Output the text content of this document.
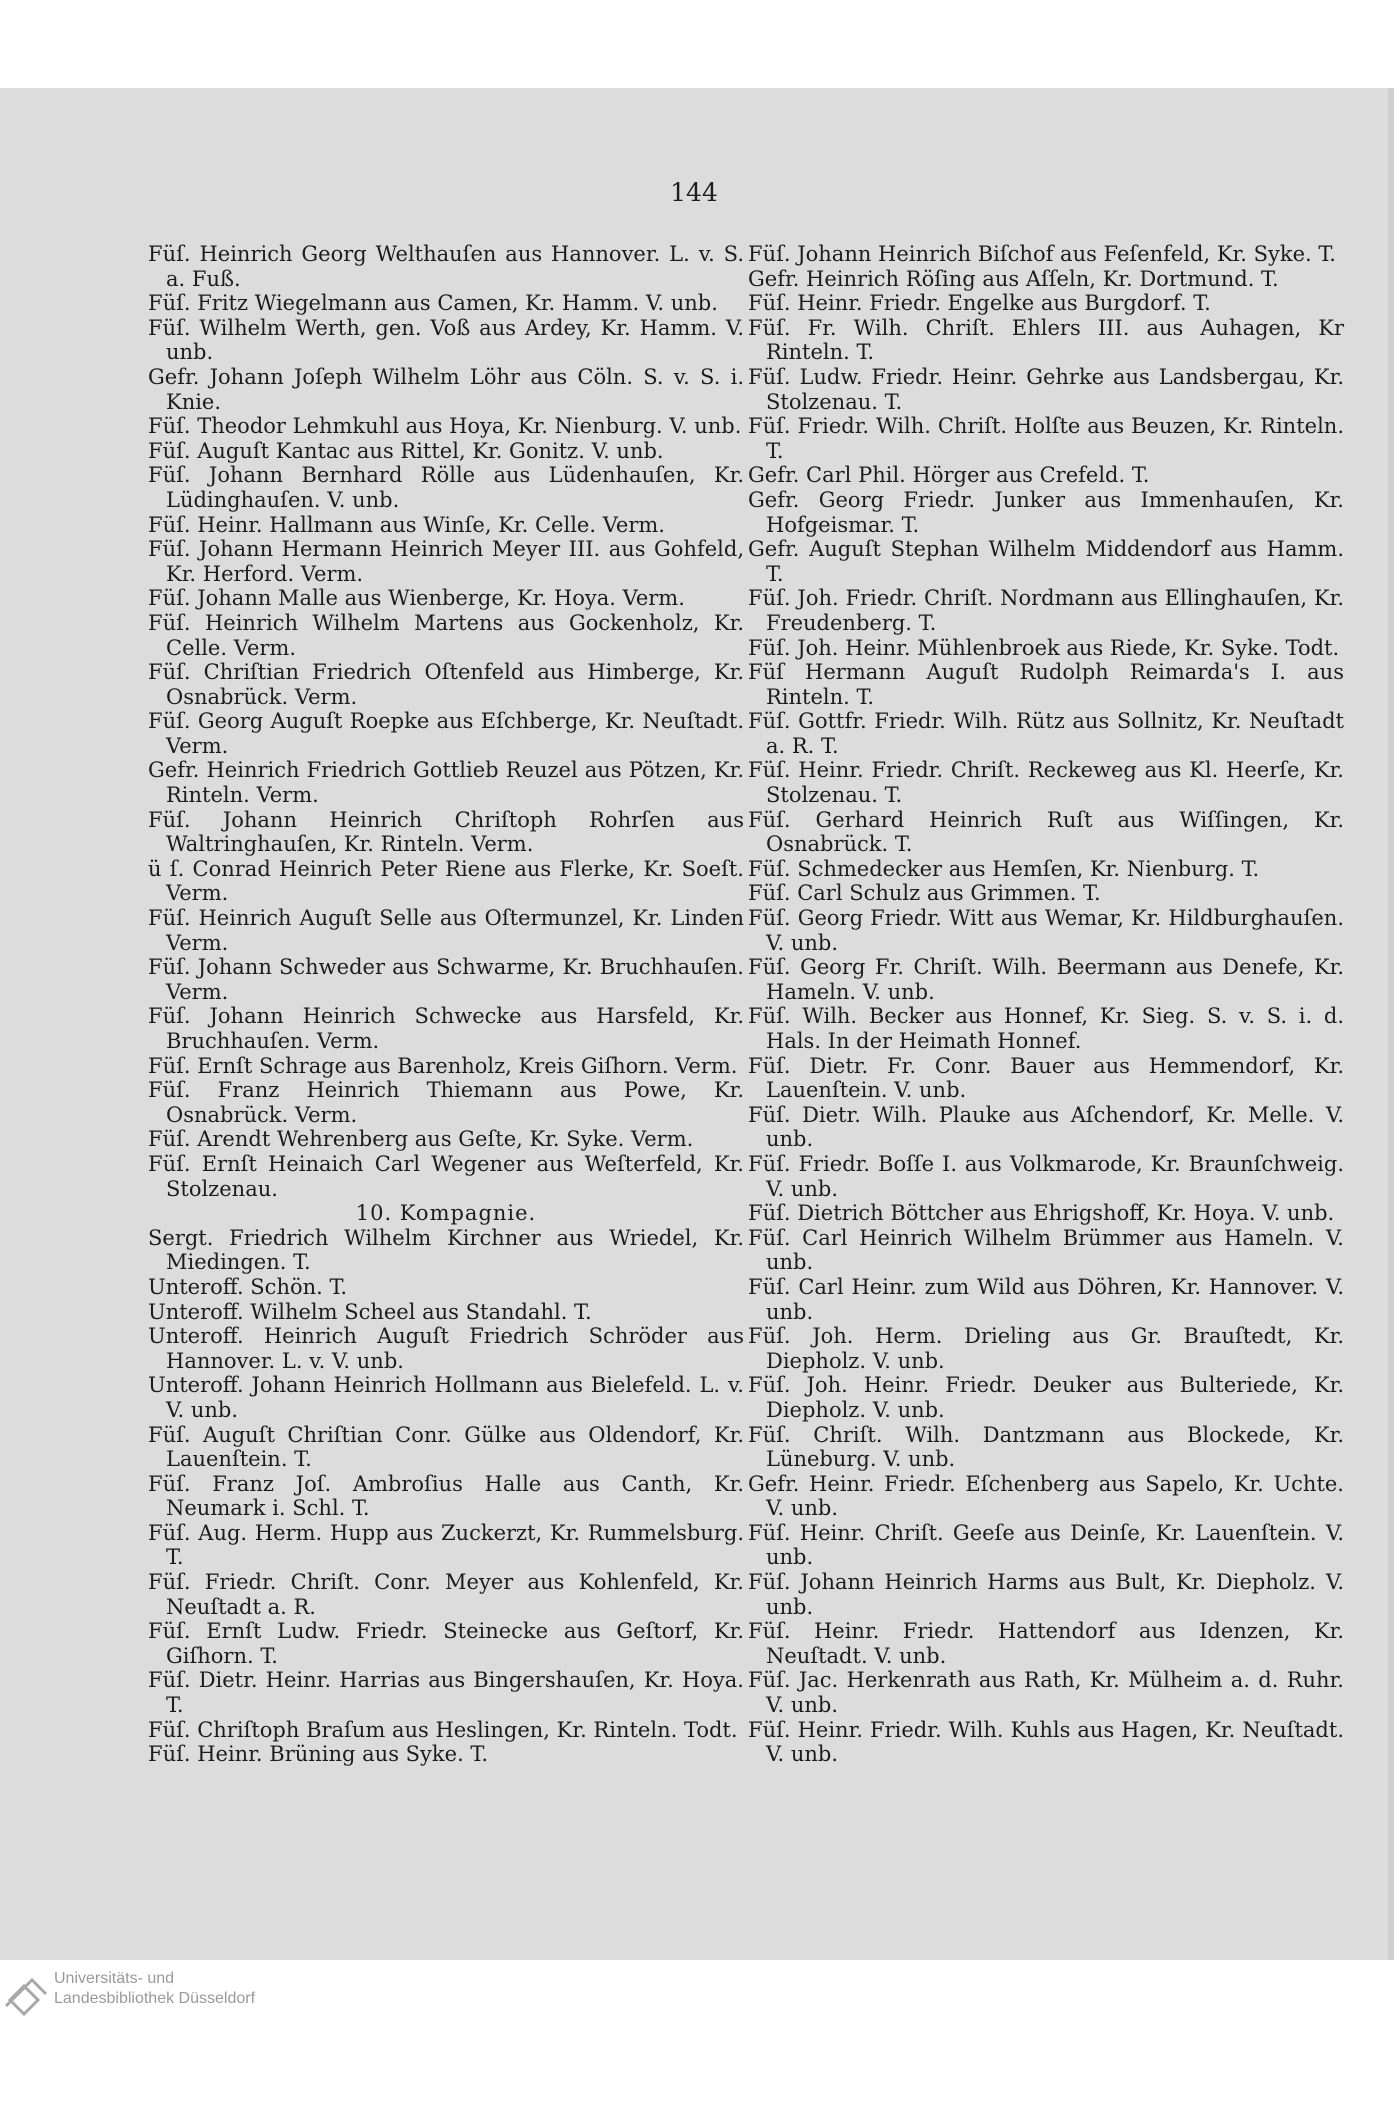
144
Füſ. Heinrich Georg Welthauſen aus Hannover. L. v. S. a. Fuß.
Füſ. Fritz Wiegelmann aus Camen, Kr. Hamm. V. unb.
Füſ. Wilhelm Werth, gen. Voß aus Ardey, Kr. Hamm. V. unb.
Gefr. Johann Joſeph Wilhelm Löhr aus Cöln. S. v. S. i. Knie.
Füſ. Theodor Lehmkuhl aus Hoya, Kr. Nienburg. V. unb.
Füſ. Auguſt Kantac aus Rittel, Kr. Gonitz. V. unb.
Füſ. Johann Bernhard Rölle aus Lüdenhauſen, Kr. Lüdinghauſen. V. unb.
Füſ. Heinr. Hallmann aus Winſe, Kr. Celle. Verm.
Füſ. Johann Hermann Heinrich Meyer III. aus Gohfeld, Kr. Herford. Verm.
Füſ. Johann Malle aus Wienberge, Kr. Hoya. Verm.
Füſ. Heinrich Wilhelm Martens aus Gockenholz, Kr. Celle. Verm.
Füſ. Chriſtian Friedrich Oſtenfeld aus Himberge, Kr. Osnabrück. Verm.
Füſ. Georg Auguſt Roepke aus Eſchberge, Kr. Neuſtadt. Verm.
Gefr. Heinrich Friedrich Gottlieb Reuzel aus Pötzen, Kr. Rinteln. Verm.
Füſ. Johann Heinrich Chriſtoph Rohrſen aus Waltringhauſen, Kr. Rinteln. Verm.
ü ſ. Conrad Heinrich Peter Riene aus Flerke, Kr. Soeſt. Verm.
Füſ. Heinrich Auguſt Selle aus Oſtermunzel, Kr. Linden Verm.
Füſ. Johann Schweder aus Schwarme, Kr. Bruchhauſen. Verm.
Füſ. Johann Heinrich Schwecke aus Harsfeld, Kr. Bruchhauſen. Verm.
Füſ. Ernſt Schrage aus Barenholz, Kreis Giſhorn. Verm.
Füſ. Franz Heinrich Thiemann aus Powe, Kr. Osnabrück. Verm.
Füſ. Arendt Wehrenberg aus Geſte, Kr. Syke. Verm.
Füſ. Ernſt Heinaich Carl Wegener aus Weſterfeld, Kr. Stolzenau.
10. Kompagnie.
Sergt. Friedrich Wilhelm Kirchner aus Wriedel, Kr. Miedingen. T.
Unteroff. Schön. T.
Unteroff. Wilhelm Scheel aus Standahl. T.
Unteroff. Heinrich Auguſt Friedrich Schröder aus Hannover. L. v. V. unb.
Unteroff. Johann Heinrich Hollmann aus Bielefeld. L. v. V. unb.
Füſ. Auguſt Chriſtian Conr. Gülke aus Oldendorf, Kr. Lauenſtein. T.
Füſ. Franz Joſ. Ambroſius Halle aus Canth, Kr. Neumark i. Schl. T.
Füſ. Aug. Herm. Hupp aus Zuckerzt, Kr. Rummelsburg. T.
Füſ. Friedr. Chriſt. Conr. Meyer aus Kohlenfeld, Kr. Neuſtadt a. R.
Füſ. Ernſt Ludw. Friedr. Steinecke aus Geſtorf, Kr. Giſhorn. T.
Füſ. Dietr. Heinr. Harrias aus Bingershauſen, Kr. Hoya. T.
Füſ. Chriſtoph Braſum aus Heslingen, Kr. Rinteln. Todt.
Füſ. Heinr. Brüning aus Syke. T.
Füſ. Johann Heinrich Biſchof aus Feſenfeld, Kr. Syke. T.
Gefr. Heinrich Röſing aus Aſſeln, Kr. Dortmund. T.
Füſ. Heinr. Friedr. Engelke aus Burgdorf. T.
Füſ. Fr. Wilh. Chriſt. Ehlers III. aus Auhagen, Kr Rinteln. T.
Füſ. Ludw. Friedr. Heinr. Gehrke aus Landsbergau, Kr. Stolzenau. T.
Füſ. Friedr. Wilh. Chriſt. Holſte aus Beuzen, Kr. Rinteln. T.
Gefr. Carl Phil. Hörger aus Crefeld. T.
Gefr. Georg Friedr. Junker aus Immenhauſen, Kr. Hofgeismar. T.
Gefr. Auguſt Stephan Wilhelm Middendorf aus Hamm. T.
Füſ. Joh. Friedr. Chriſt. Nordmann aus Ellinghauſen, Kr. Freudenberg. T.
Füſ. Joh. Heinr. Mühlenbroek aus Riede, Kr. Syke. Todt.
Füſ Hermann Auguſt Rudolph Reimarda's I. aus Rinteln. T.
Füſ. Gottfr. Friedr. Wilh. Rütz aus Sollnitz, Kr. Neuſtadt a. R. T.
Füſ. Heinr. Friedr. Chriſt. Reckeweg aus Kl. Heerſe, Kr. Stolzenau. T.
Füſ. Gerhard Heinrich Ruſt aus Wiſſingen, Kr. Osnabrück. T.
Füſ. Schmedecker aus Hemſen, Kr. Nienburg. T.
Füſ. Carl Schulz aus Grimmen. T.
Füſ. Georg Friedr. Witt aus Wemar, Kr. Hildburghauſen. V. unb.
Füſ. Georg Fr. Chriſt. Wilh. Beermann aus Denefe, Kr. Hameln. V. unb.
Füſ. Wilh. Becker aus Honnef, Kr. Sieg. S. v. S. i. d. Hals. In der Heimath Honnef.
Füſ. Dietr. Fr. Conr. Bauer aus Hemmendorf, Kr. Lauenſtein. V. unb.
Füſ. Dietr. Wilh. Plauke aus Aſchendorf, Kr. Melle. V. unb.
Füſ. Friedr. Boſſe I. aus Volkmarode, Kr. Braunſchweig. V. unb.
Füſ. Dietrich Böttcher aus Ehrigshoff, Kr. Hoya. V. unb.
Füſ. Carl Heinrich Wilhelm Brümmer aus Hameln. V. unb.
Füſ. Carl Heinr. zum Wild aus Döhren, Kr. Hannover. V. unb.
Füſ. Joh. Herm. Drieling aus Gr. Brauſtedt, Kr. Diepholz. V. unb.
Füſ. Joh. Heinr. Friedr. Deuker aus Bulteriede, Kr. Diepholz. V. unb.
Füſ. Chriſt. Wilh. Dantzmann aus Blockede, Kr. Lüneburg. V. unb.
Gefr. Heinr. Friedr. Eſchenberg aus Sapelo, Kr. Uchte. V. unb.
Füſ. Heinr. Chriſt. Geeſe aus Deinſe, Kr. Lauenſtein. V. unb.
Füſ. Johann Heinrich Harms aus Bult, Kr. Diepholz. V. unb.
Füſ. Heinr. Friedr. Hattendorf aus Idenzen, Kr. Neuſtadt. V. unb.
Füſ. Jac. Herkenrath aus Rath, Kr. Mülheim a. d. Ruhr. V. unb.
Füſ. Heinr. Friedr. Wilh. Kuhls aus Hagen, Kr. Neuſtadt. V. unb.
Universitäts- und
Landesbibliothek Düsseldorf
